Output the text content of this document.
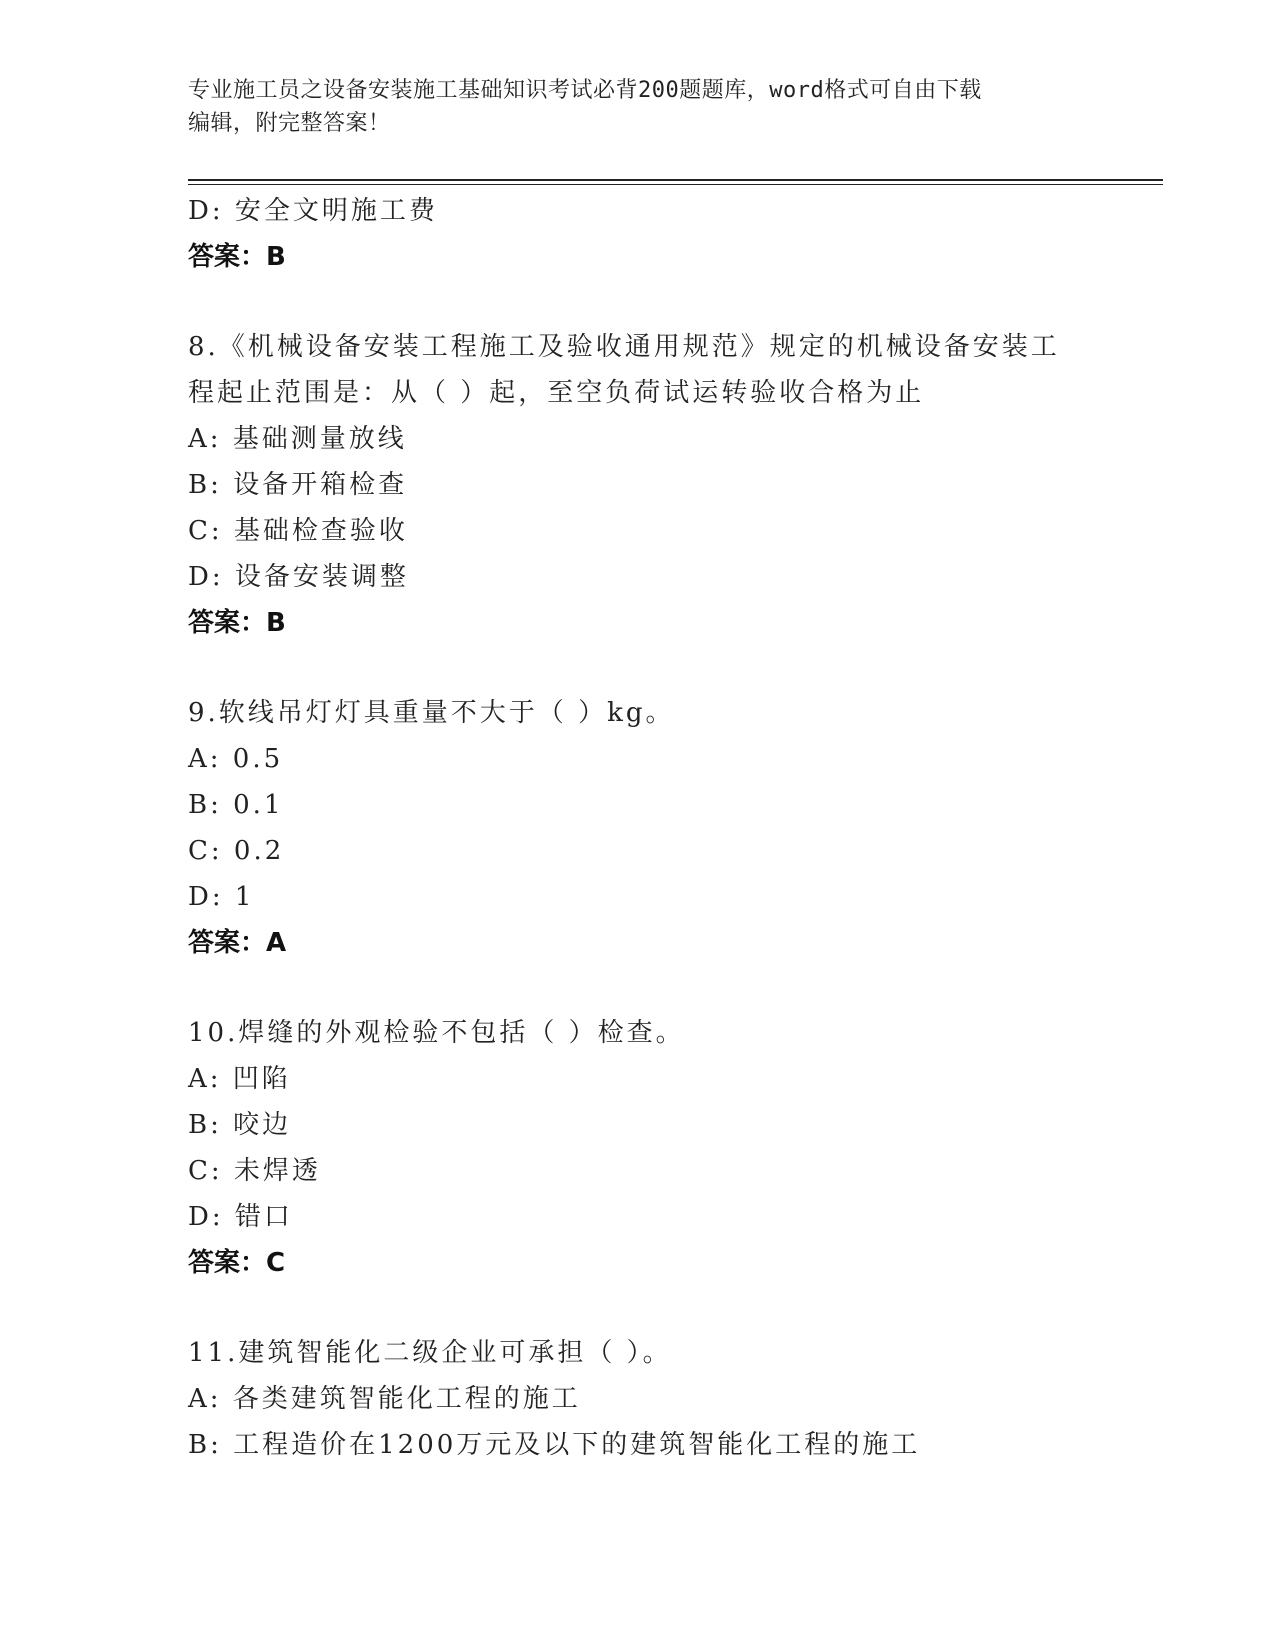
专业施工员之设备安装施工基础知识考试必背200题题库，word格式可自由下载
编辑，附完整答案！
D: 安全文明施工费
答案：B
8.《机械设备安装工程施工及验收通用规范》规定的机械设备安装工
程起止范围是：从（ ）起，至空负荷试运转验收合格为止
A: 基础测量放线
B: 设备开箱检查
C: 基础检查验收
D: 设备安装调整
答案：B
9.软线吊灯灯具重量不大于（ ）kg。
A: 0.5
B: 0.1
C: 0.2
D: 1
答案：A
10.焊缝的外观检验不包括（ ）检查。
A: 凹陷
B: 咬边
C: 未焊透
D: 错口
答案：C
11.建筑智能化二级企业可承担（ ）。
A: 各类建筑智能化工程的施工
B: 工程造价在1200万元及以下的建筑智能化工程的施工
